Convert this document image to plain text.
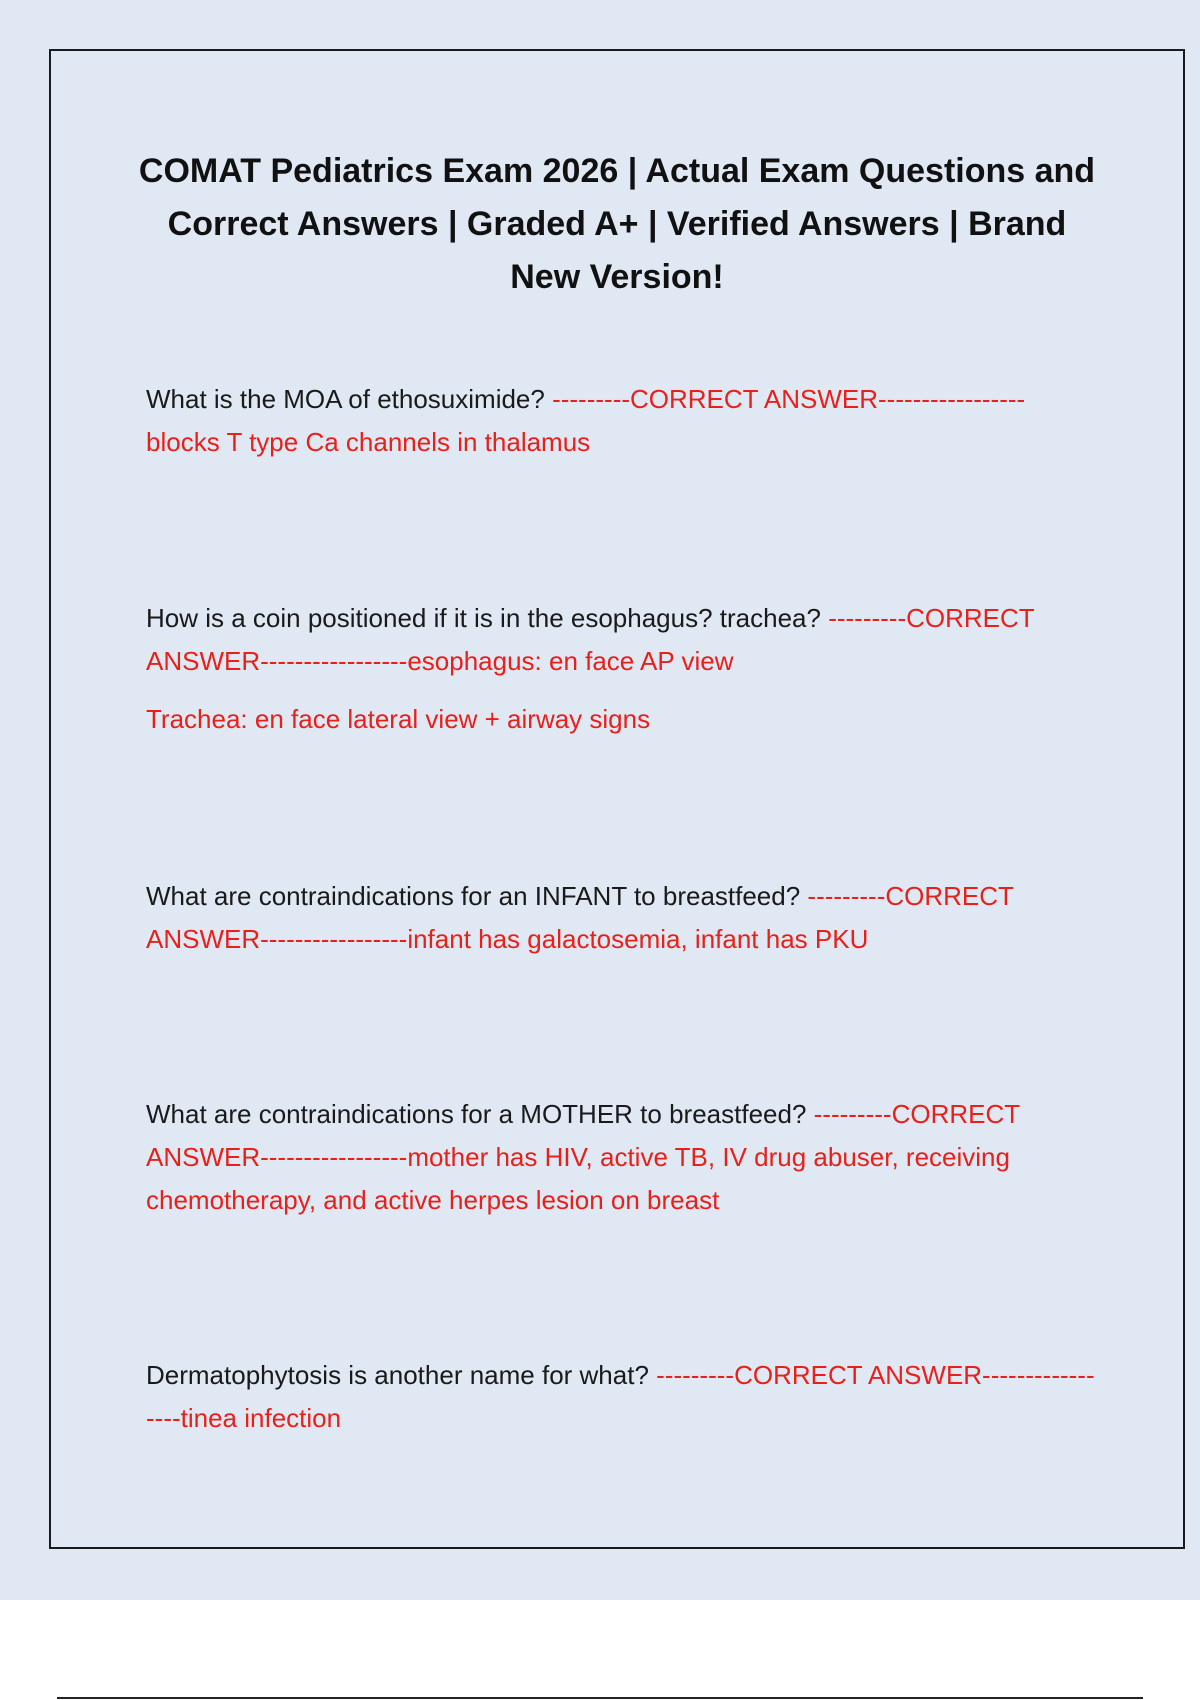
COMAT Pediatrics Exam 2026 | Actual Exam Questions and Correct Answers | Graded A+ | Verified Answers | Brand New Version!

What is the MOA of ethosuximide? ---------CORRECT ANSWER-----------------blocks T type Ca channels in thalamus

How is a coin positioned if it is in the esophagus? trachea? ---------CORRECT ANSWER-----------------esophagus: en face AP view

Trachea: en face lateral view + airway signs

What are contraindications for an INFANT to breastfeed? ---------CORRECT ANSWER-----------------infant has galactosemia, infant has PKU

What are contraindications for a MOTHER to breastfeed? ---------CORRECT ANSWER-----------------mother has HIV, active TB, IV drug abuser, receiving chemotherapy, and active herpes lesion on breast

Dermatophytosis is another name for what? ---------CORRECT ANSWER-----------------tinea infection
